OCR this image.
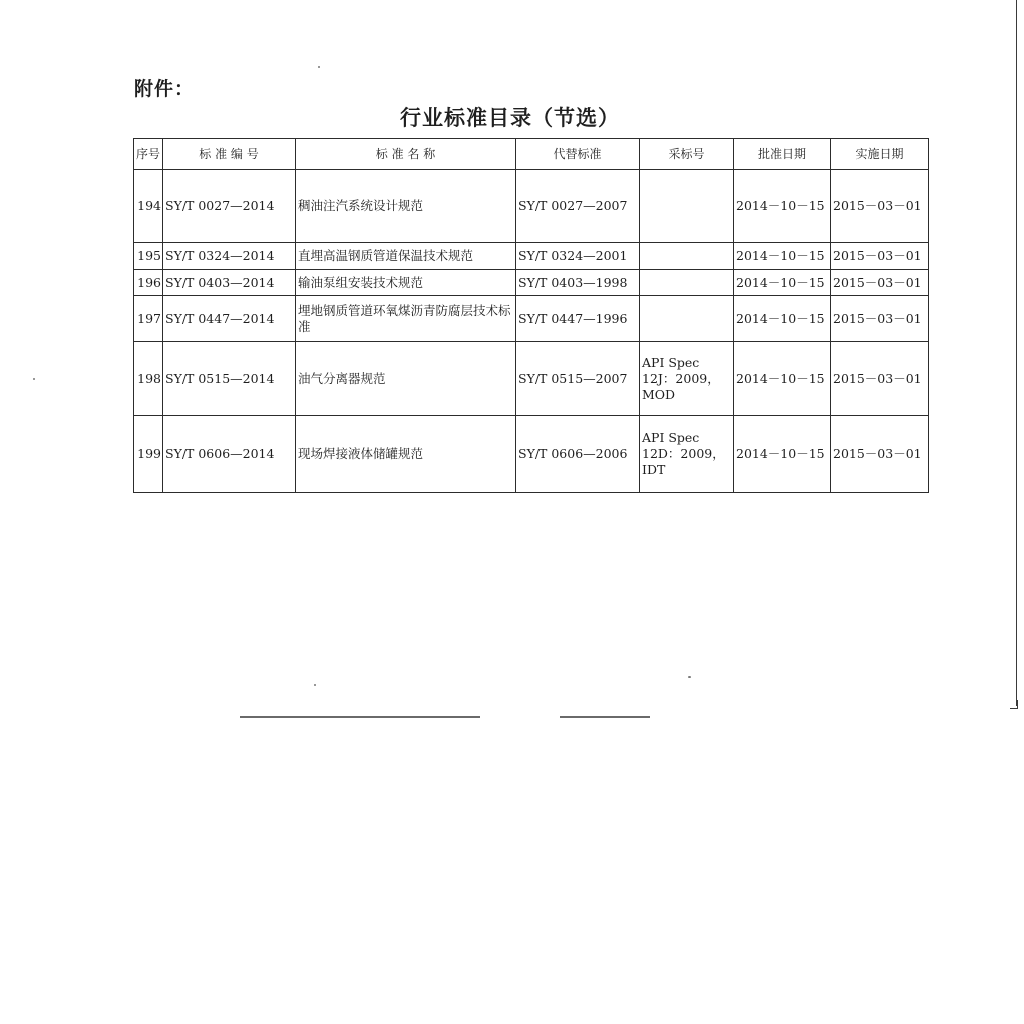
附件：
行业标准目录（节选）
序号	标 准 编 号	标 准 名 称	代替标准	采标号	批准日期	实施日期
194	SY/T 0027—2014	稠油注汽系统设计规范	SY/T 0027—2007		2014－10－15	2015－03－01
195	SY/T 0324—2014	直埋高温钢质管道保温技术规范	SY/T 0324—2001		2014－10－15	2015－03－01
196	SY/T 0403—2014	输油泵组安装技术规范	SY/T 0403—1998		2014－10－15	2015－03－01
197	SY/T 0447—2014	埋地钢质管道环氧煤沥青防腐层技术标准	SY/T 0447—1996		2014－10－15	2015－03－01
198	SY/T 0515—2014	油气分离器规范	SY/T 0515—2007	API Spec 12J：2009，MOD	2014－10－15	2015－03－01
199	SY/T 0606—2014	现场焊接液体储罐规范	SY/T 0606—2006	API Spec 12D：2009，IDT	2014－10－15	2015－03－01
